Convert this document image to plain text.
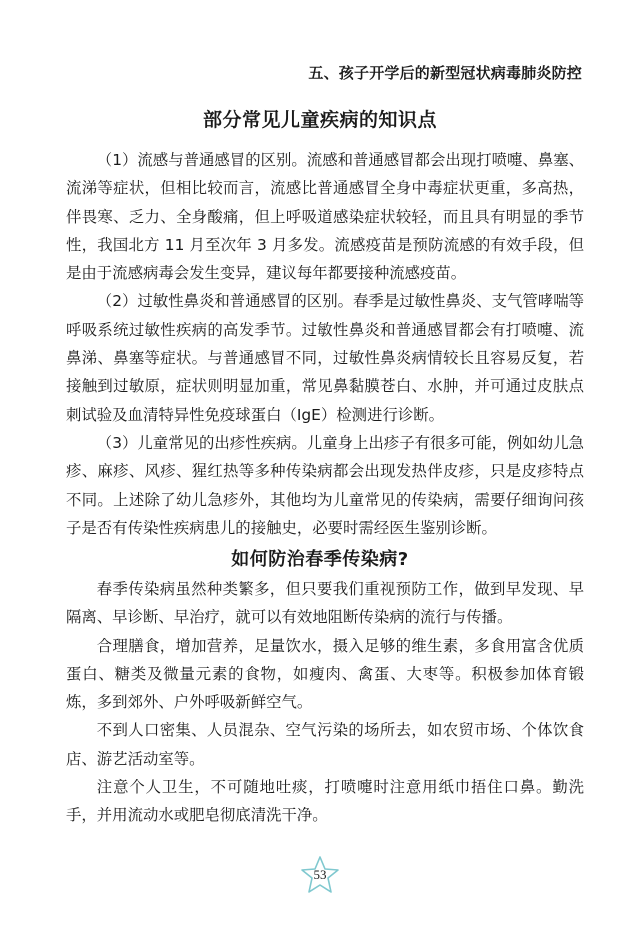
五、孩子开学后的新型冠状病毒肺炎防控
部分常见儿童疾病的知识点

（1）流感与普通感冒的区别。流感和普通感冒都会出现打喷嚏、鼻塞、流涕等症状，但相比较而言，流感比普通感冒全身中毒症状更重，多高热，伴畏寒、乏力、全身酸痛，但上呼吸道感染症状较轻，而且具有明显的季节性，我国北方 11 月至次年 3 月多发。流感疫苗是预防流感的有效手段，但是由于流感病毒会发生变异，建议每年都要接种流感疫苗。

（2）过敏性鼻炎和普通感冒的区别。春季是过敏性鼻炎、支气管哮喘等呼吸系统过敏性疾病的高发季节。过敏性鼻炎和普通感冒都会有打喷嚏、流鼻涕、鼻塞等症状。与普通感冒不同，过敏性鼻炎病情较长且容易反复，若接触到过敏原，症状则明显加重，常见鼻黏膜苍白、水肿，并可通过皮肤点刺试验及血清特异性免疫球蛋白（IgE）检测进行诊断。

（3）儿童常见的出疹性疾病。儿童身上出疹子有很多可能，例如幼儿急疹、麻疹、风疹、猩红热等多种传染病都会出现发热伴皮疹，只是皮疹特点不同。上述除了幼儿急疹外，其他均为儿童常见的传染病，需要仔细询问孩子是否有传染性疾病患儿的接触史，必要时需经医生鉴别诊断。

如何防治春季传染病?

春季传染病虽然种类繁多，但只要我们重视预防工作，做到早发现、早隔离、早诊断、早治疗，就可以有效地阻断传染病的流行与传播。

合理膳食，增加营养，足量饮水，摄入足够的维生素，多食用富含优质蛋白、糖类及微量元素的食物，如瘦肉、禽蛋、大枣等。积极参加体育锻炼，多到郊外、户外呼吸新鲜空气。

不到人口密集、人员混杂、空气污染的场所去，如农贸市场、个体饮食店、游艺活动室等。

注意个人卫生，不可随地吐痰，打喷嚏时注意用纸巾捂住口鼻。勤洗手，并用流动水或肥皂彻底清洗干净。

53
